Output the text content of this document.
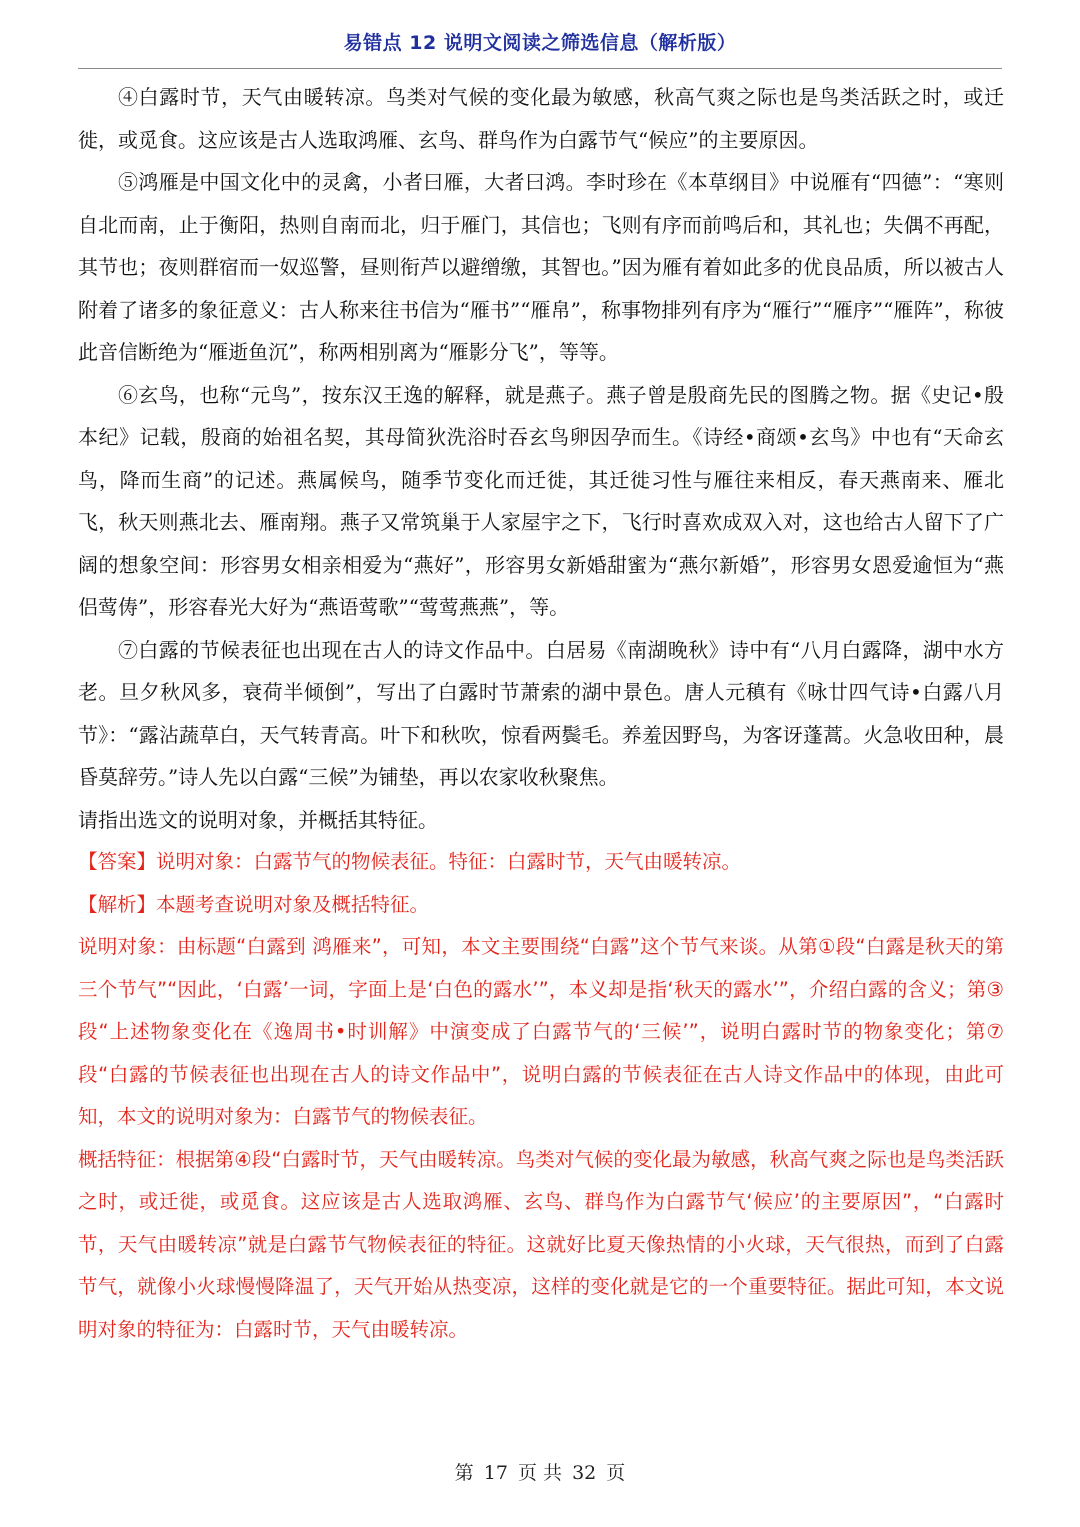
易错点 12 说明文阅读之筛选信息（解析版）

④白露时节，天气由暖转凉。鸟类对气候的变化最为敏感，秋高气爽之际也是鸟类活跃之时，或迁徙，或觅食。这应该是古人选取鸿雁、玄鸟、群鸟作为白露节气“候应”的主要原因。

⑤鸿雁是中国文化中的灵禽，小者曰雁，大者曰鸿。李时珍在《本草纲目》中说雁有“四德”：“寒则自北而南，止于衡阳，热则自南而北，归于雁门，其信也；飞则有序而前鸣后和，其礼也；失偶不再配，其节也；夜则群宿而一奴巡警，昼则衔芦以避缯缴，其智也。”因为雁有着如此多的优良品质，所以被古人附着了诸多的象征意义：古人称来往书信为“雁书”“雁帛”，称事物排列有序为“雁行”“雁序”“雁阵”，称彼此音信断绝为“雁逝鱼沉”，称两相别离为“雁影分飞”，等等。

⑥玄鸟，也称“元鸟”，按东汉王逸的解释，就是燕子。燕子曾是殷商先民的图腾之物。据《史记•殷本纪》记载，殷商的始祖名契，其母简狄洗浴时吞玄鸟卵因孕而生。《诗经•商颂•玄鸟》中也有“天命玄鸟，降而生商”的记述。燕属候鸟，随季节变化而迁徙，其迁徙习性与雁往来相反，春天燕南来、雁北飞，秋天则燕北去、雁南翔。燕子又常筑巢于人家屋宇之下，飞行时喜欢成双入对，这也给古人留下了广阔的想象空间：形容男女相亲相爱为“燕好”，形容男女新婚甜蜜为“燕尔新婚”，形容男女恩爱逾恒为“燕侣莺俦”，形容春光大好为“燕语莺歌”“莺莺燕燕”，等。

⑦白露的节候表征也出现在古人的诗文作品中。白居易《南湖晚秋》诗中有“八月白露降，湖中水方老。旦夕秋风多，衰荷半倾倒”，写出了白露时节萧索的湖中景色。唐人元稹有《咏廿四气诗•白露八月节》：“露沾蔬草白，天气转青高。叶下和秋吹，惊看两鬓毛。养羞因野鸟，为客讶蓬蒿。火急收田种，晨昏莫辞劳。”诗人先以白露“三候”为铺垫，再以农家收秋聚焦。

请指出选文的说明对象，并概括其特征。

【答案】说明对象：白露节气的物候表征。特征：白露时节，天气由暖转凉。

【解析】本题考查说明对象及概括特征。

说明对象：由标题“白露到 鸿雁来”，可知，本文主要围绕“白露”这个节气来谈。从第①段“白露是秋天的第三个节气”“因此，‘白露’一词，字面上是‘白色的露水’”，本义却是指‘秋天的露水’”，介绍白露的含义；第③段“上述物象变化在《逸周书•时训解》中演变成了白露节气的‘三候’”，说明白露时节的物象变化；第⑦段“白露的节候表征也出现在古人的诗文作品中”，说明白露的节候表征在古人诗文作品中的体现，由此可知，本文的说明对象为：白露节气的物候表征。

概括特征：根据第④段“白露时节，天气由暖转凉。鸟类对气候的变化最为敏感，秋高气爽之际也是鸟类活跃之时，或迁徙，或觅食。这应该是古人选取鸿雁、玄鸟、群鸟作为白露节气‘候应’的主要原因”，“白露时节，天气由暖转凉”就是白露节气物候表征的特征。这就好比夏天像热情的小火球，天气很热，而到了白露节气，就像小火球慢慢降温了，天气开始从热变凉，这样的变化就是它的一个重要特征。据此可知，本文说明对象的特征为：白露时节，天气由暖转凉。

第 17 页 共 32 页
